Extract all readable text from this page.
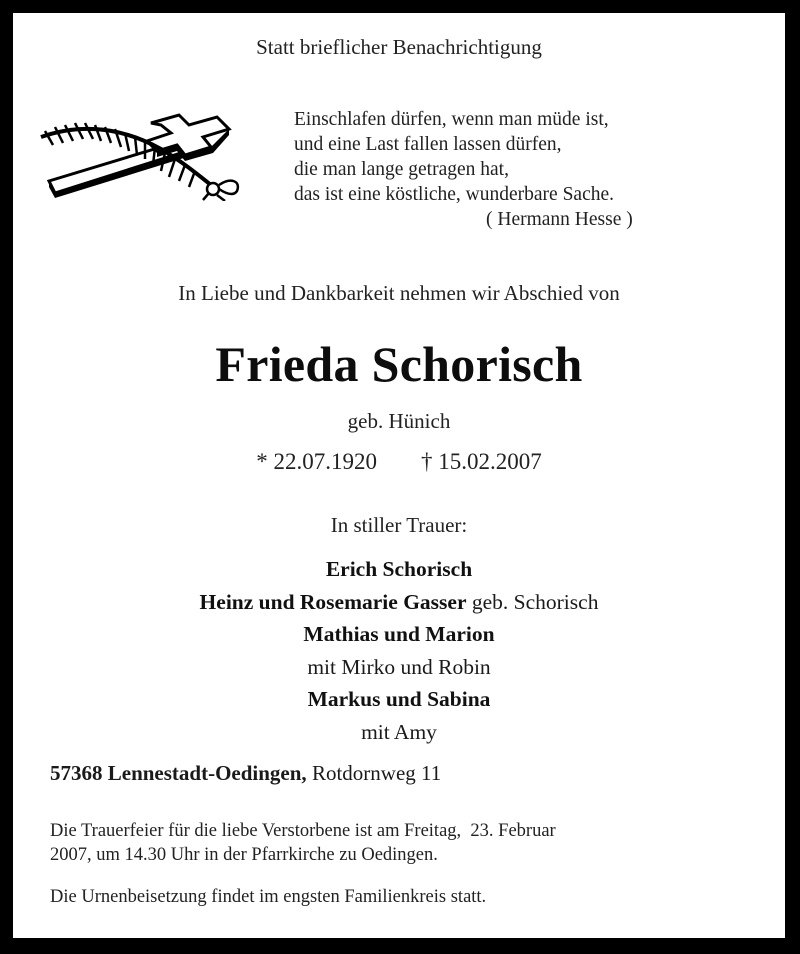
Statt brieflicher Benachrichtigung
Einschlafen dürfen, wenn man müde ist,
und eine Last fallen lassen dürfen,
die man lange getragen hat,
das ist eine köstliche, wunderbare Sache.
( Hermann Hesse )
In Liebe und Dankbarkeit nehmen wir Abschied von
Frieda Schorisch
geb. Hünich
* 22.07.1920 † 15.02.2007
In stiller Trauer:
Erich Schorisch
Heinz und Rosemarie Gasser geb. Schorisch
Mathias und Marion
mit Mirko und Robin
Markus und Sabina
mit Amy
57368 Lennestadt-Oedingen, Rotdornweg 11
Die Trauerfeier für die liebe Verstorbene ist am Freitag,  23. Februar
2007, um 14.30 Uhr in der Pfarrkirche zu Oedingen.
Die Urnenbeisetzung findet im engsten Familienkreis statt.
